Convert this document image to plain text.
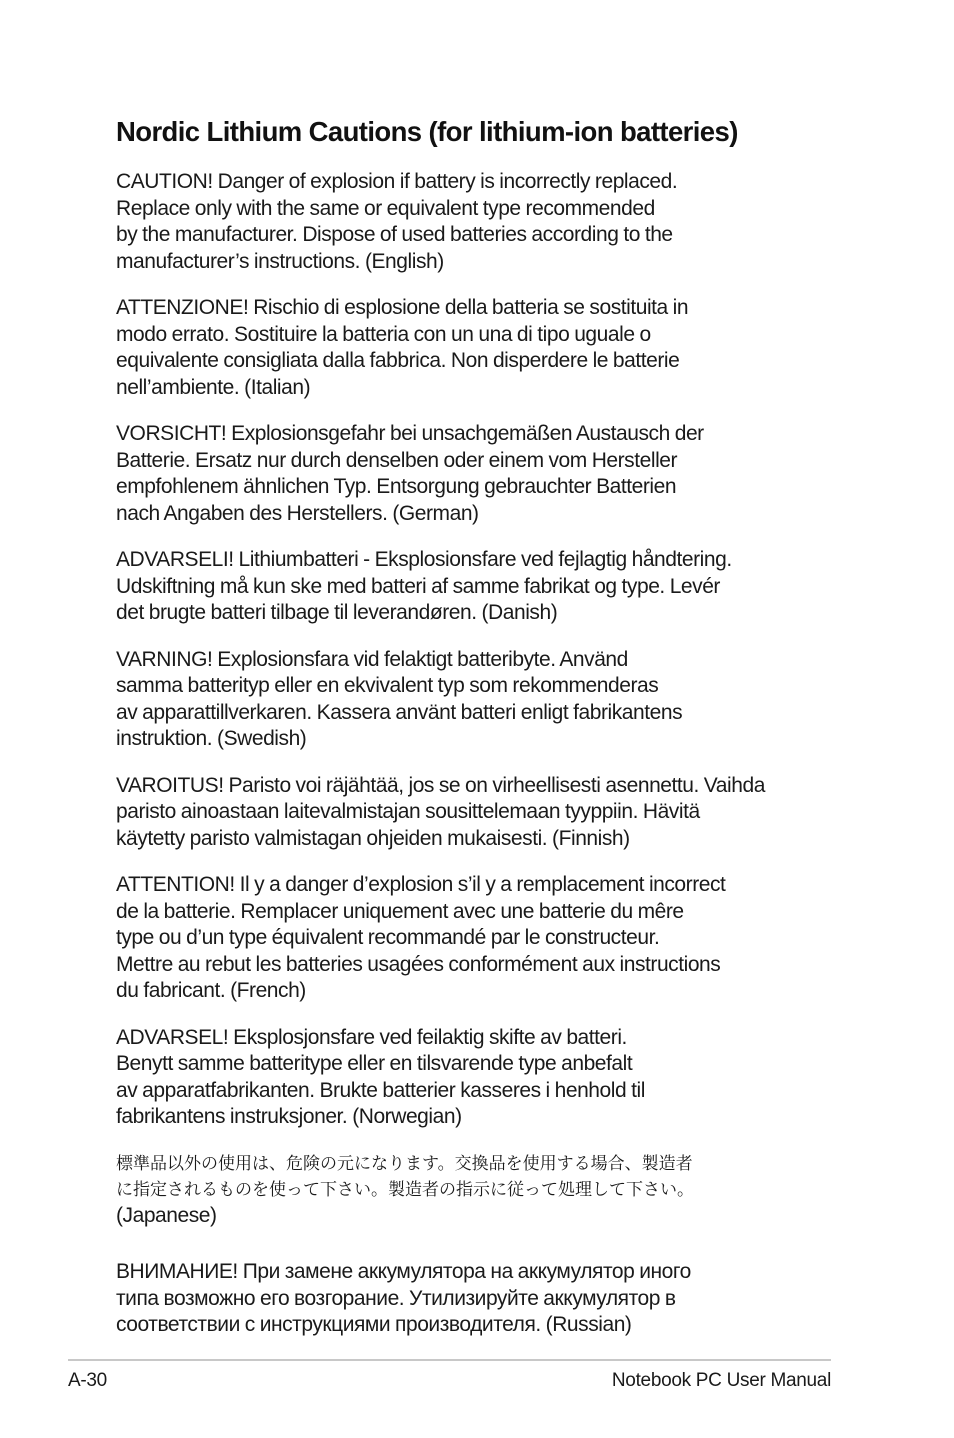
Nordic Lithium Cautions (for lithium-ion batteries)

CAUTION! Danger of explosion if battery is incorrectly replaced.
Replace only with the same or equivalent type recommended
by the manufacturer. Dispose of used batteries according to the
manufacturer’s instructions. (English)

ATTENZIONE! Rischio di esplosione della batteria se sostituita in
modo errato. Sostituire la batteria con un una di tipo uguale o
equivalente consigliata dalla fabbrica. Non disperdere le batterie
nell’ambiente. (Italian)

VORSICHT! Explosionsgefahr bei unsachgemäßen Austausch der
Batterie. Ersatz nur durch denselben oder einem vom Hersteller
empfohlenem ähnlichen Typ. Entsorgung gebrauchter Batterien
nach Angaben des Herstellers. (German)

ADVARSELI! Lithiumbatteri - Eksplosionsfare ved fejlagtig håndtering.
Udskiftning må kun ske med batteri af samme fabrikat og type. Levér
det brugte batteri tilbage til leverandøren. (Danish)

VARNING! Explosionsfara vid felaktigt batteribyte. Använd
samma batterityp eller en ekvivalent typ som rekommenderas
av apparattillverkaren. Kassera använt batteri enligt fabrikantens
instruktion. (Swedish)

VAROITUS! Paristo voi räjähtää, jos se on virheellisesti asennettu. Vaihda
paristo ainoastaan laitevalmistajan sousittelemaan tyyppiin. Hävitä
käytetty paristo valmistagan ohjeiden mukaisesti. (Finnish)

ATTENTION! Il y a danger d’explosion s’il y a remplacement incorrect
de la batterie. Remplacer uniquement avec une batterie du mêre
type ou d’un type équivalent recommandé par le constructeur.
Mettre au rebut les batteries usagées conformément aux instructions
du fabricant. (French)

ADVARSEL! Eksplosjonsfare ved feilaktig skifte av batteri.
Benytt samme batteritype eller en tilsvarende type anbefalt
av apparatfabrikanten. Brukte batterier kasseres i henhold til
fabrikantens instruksjoner. (Norwegian)

標準品以外の使用は、危険の元になります。交換品を使用する場合、製造者
に指定されるものを使って下さい。製造者の指示に従って処理して下さい。
(Japanese)

ВНИМАНИЕ! При замене аккумулятора на аккумулятор иного
типа возможно его возгорание. Утилизируйте аккумулятор в
соответствии с инструкциями производителя. (Russian)

A-30	Notebook PC User Manual
